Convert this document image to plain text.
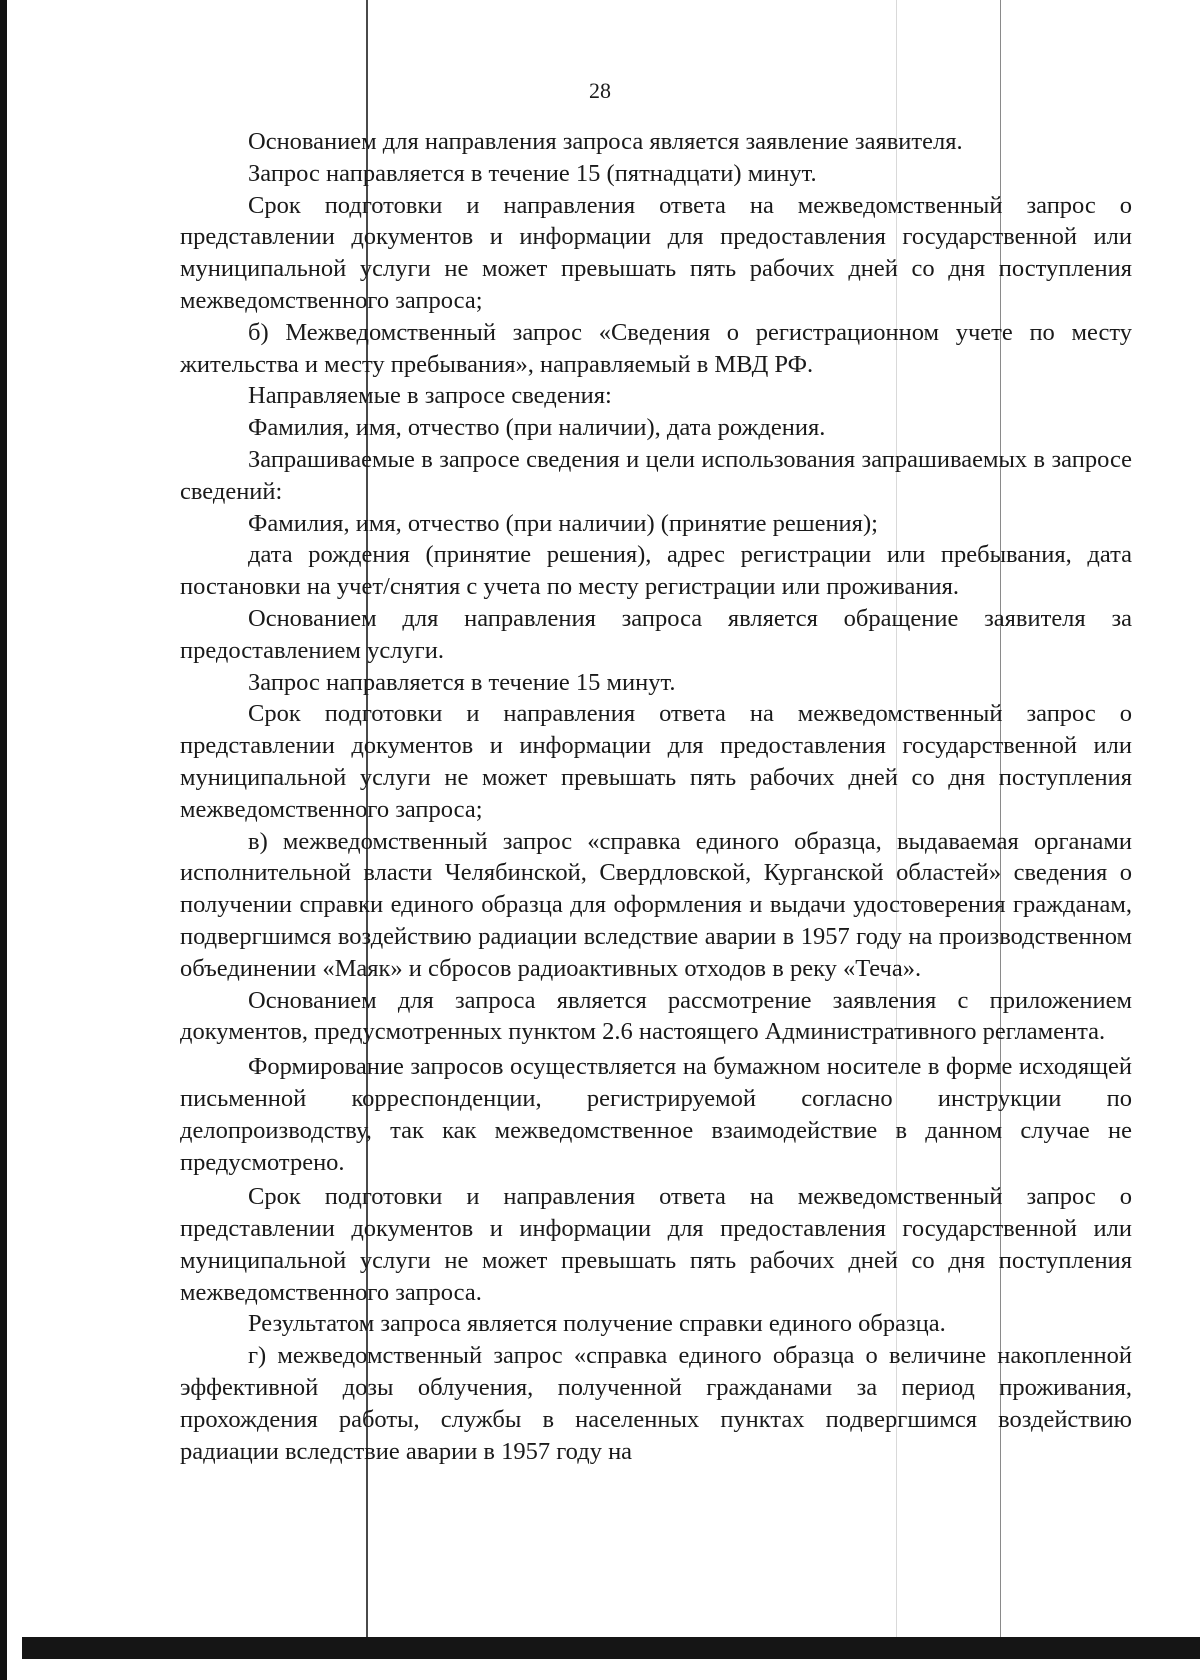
28

Основанием для направления запроса является заявление заявителя.

Запрос направляется в течение 15 (пятнадцати) минут.

Срок подготовки и направления ответа на межведомственный запрос о представлении документов и информации для предоставления государственной или муниципальной услуги не может превышать пять рабочих дней со дня поступления межведомственного запроса;

б) Межведомственный запрос «Сведения о регистрационном учете по месту жительства и месту пребывания», направляемый в МВД РФ.

Направляемые в запросе сведения:

Фамилия, имя, отчество (при наличии), дата рождения.

Запрашиваемые в запросе сведения и цели использования запрашиваемых в запросе сведений:

Фамилия, имя, отчество (при наличии) (принятие решения);

дата рождения (принятие решения), адрес регистрации или пребывания, дата постановки на учет/снятия с учета по месту регистрации или проживания.

Основанием для направления запроса является обращение заявителя за предоставлением услуги.

Запрос направляется в течение 15 минут.

Срок подготовки и направления ответа на межведомственный запрос о представлении документов и информации для предоставления государственной или муниципальной услуги не может превышать пять рабочих дней со дня поступления межведомственного запроса;

в) межведомственный запрос «справка единого образца, выдаваемая органами исполнительной власти Челябинской, Свердловской, Курганской областей» сведения о получении справки единого образца для оформления и выдачи удостоверения гражданам, подвергшимся воздействию радиации вследствие аварии в 1957 году на производственном объединении «Маяк» и сбросов радиоактивных отходов в реку «Теча».

Основанием для запроса является рассмотрение заявления с приложением документов, предусмотренных пунктом 2.6 настоящего Административного регламента.

Формирование запросов осуществляется на бумажном носителе в форме исходящей письменной корреспонденции, регистрируемой согласно инструкции по делопроизводству, так как межведомственное взаимодействие в данном случае не предусмотрено.

Срок подготовки и направления ответа на межведомственный запрос о представлении документов и информации для предоставления государственной или муниципальной услуги не может превышать пять рабочих дней со дня поступления межведомственного запроса.

Результатом запроса является получение справки единого образца.

г) межведомственный запрос «справка единого образца о величине накопленной эффективной дозы облучения, полученной гражданами за период проживания, прохождения работы, службы в населенных пунктах подвергшимся воздействию радиации вследствие аварии в 1957 году на
